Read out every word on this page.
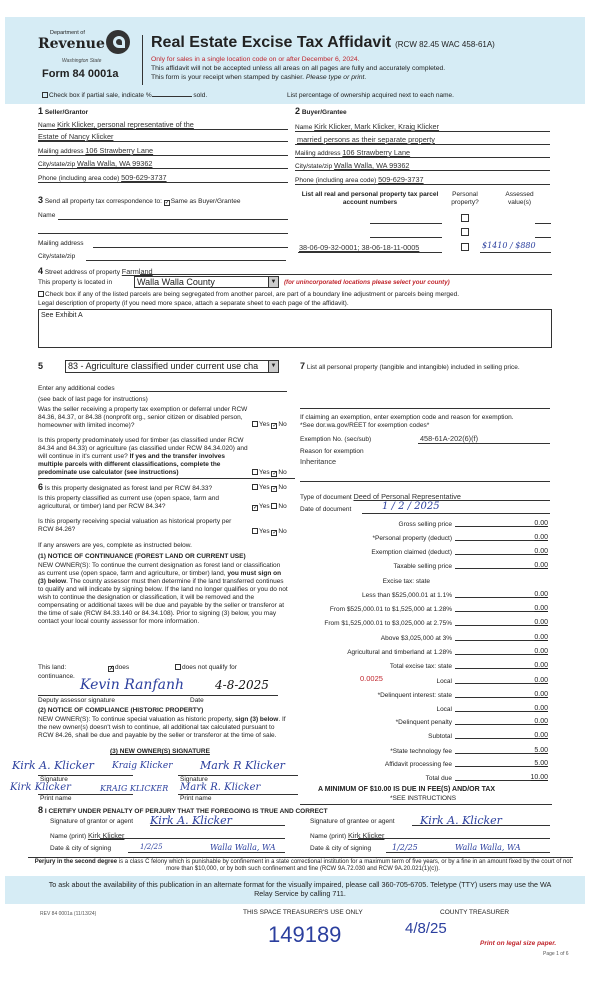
Department of
Revenue
Washington State
Form 84 0001a
Real Estate Excise Tax Affidavit (RCW 82.45 WAC 458-61A)
Only for sales in a single location code on or after December 6, 2024.
This affidavit will not be accepted unless all areas on all pages are fully and accurately completed.
This form is your receipt when stamped by cashier. Please type or print.
Check box if partial sale, indicate %	sold.	List percentage of ownership acquired next to each name.
1 Seller/Grantor
Name Kirk Klicker, personal representative of the
Estate of Nancy Klicker
Mailing address 106 Strawberry Lane
City/state/zip Walla Walla, WA 99362
Phone (including area code) 509-629-3737
2 Buyer/Grantee
Name Kirk Klicker, Mark Klicker, Kraig Klicker
married persons as their separate property
Mailing address 106 Strawberry Lane
City/state/zip Walla Walla, WA 99362
Phone (including area code) 509-629-3737
3 Send all property tax correspondence to: ✓Same as Buyer/Grantee
Name
Mailing address
City/state/zip
List all real and personal property tax parcel account numbers
Personal property?
Assessed value(s)
38-06-09-32-0001; 38-06-18-11-0005	$1410 / $880
4 Street address of property Farmland
This property is located in	Walla Walla County	▼ (for unincorporated locations please select your county)
Check box if any of the listed parcels are being segregated from another parcel, are part of a boundary line adjustment or parcels being merged.
Legal description of property (if you need more space, attach a separate sheet to each page of the affidavit).
See Exhibit A
5	83 - Agriculture classified under current use cha	▼
Enter any additional codes
(see back of last page for instructions)
Was the seller receiving a property tax exemption or deferral under RCW 84.36, 84.37, or 84.38 (nonprofit org., senior citizen or disabled person, homeowner with limited income)?	Yes ✓No
Is this property predominately used for timber (as classified under RCW 84.34 and 84.33) or agriculture (as classified under RCW 84.34.020) and will continue in it's current use? If yes and the transfer involves multiple parcels with different classifications, complete the predominate use calculator (see instructions)	Yes ✓No
6 Is this property designated as forest land per RCW 84.33?	Yes ✓No
Is this property classified as current use (open space, farm and agricultural, or timber) land per RCW 84.34?	✓Yes No
Is this property receiving special valuation as historical property per RCW 84.26?	Yes ✓No
If any answers are yes, complete as instructed below.
(1) NOTICE OF CONTINUANCE (FOREST LAND OR CURRENT USE)
NEW OWNER(S): To continue the current designation as forest land or classification as current use (open space, farm and agriculture, or timber) land, you must sign on (3) below. The county assessor must then determine if the land transferred continues to qualify and will indicate by signing below. If the land no longer qualifies or you do not wish to continue the designation or classification, it will be removed and the compensating or additional taxes will be due and payable by the seller or transferor at the time of sale (RCW 84.33.140 or 84.34.108). Prior to signing (3) below, you may contact your local county assessor for more information.
This land:	✗does	does not qualify for
continuance.
Kevin Ranfanh	4-8-2025
Deputy assessor signature	Date
(2) NOTICE OF COMPLIANCE (HISTORIC PROPERTY)
NEW OWNER(S): To continue special valuation as historic property, sign (3) below. If the new owner(s) doesn't wish to continue, all additional tax calculated pursuant to RCW 84.26, shall be due and payable by the seller or transferor at the time of sale.
(3) NEW OWNER(S) SIGNATURE
Kirk A. Klicker Kraig Klicker	Mark R Klicker
Signature	Signature
Kirk Klicker	KRAIG KLICKER Mark R. Klicker
Print name	Print name
7 List all personal property (tangible and intangible) included in selling price.
If claiming an exemption, enter exemption code and reason for exemption. *See dor.wa.gov/REET for exemption codes*
Exemption No. (sec/sub)	458-61A-202(6)(f)
Reason for exemption
Inheritance
Type of document Deed of Personal Representative
Date of document	1 / 2 / 2025
Gross selling price	0.00
*Personal property (deduct)	0.00
Exemption claimed (deduct)	0.00
Taxable selling price	0.00
Excise tax: state
Less than $525,000.01 at 1.1%	0.00
From $525,000.01 to $1,525,000 at 1.28%	0.00
From $1,525,000.01 to $3,025,000 at 2.75%	0.00
Above $3,025,000 at 3%	0.00
Agricultural and timberland at 1.28%	0.00
Total excise tax: state	0.00
Local	0.00
*Delinquent interest: state	0.00
Local	0.00
*Delinquent penalty	0.00
Subtotal	0.00
*State technology fee	5.00
Affidavit processing fee	5.00
Total due	10.00
0.0025
A MINIMUM OF $10.00 IS DUE IN FEE(S) AND/OR TAX
*SEE INSTRUCTIONS
8 I CERTIFY UNDER PENALTY OF PERJURY THAT THE FOREGOING IS TRUE AND CORRECT
Signature of grantor or agent Kirk A. Klicker
Name (print) Kirk Klicker
Date & city of signing	1/2/25	Walla Walla, WA
Signature of grantee or agent Kirk A. Klicker
Name (print) Kirk Klicker
Date & city of signing	1/2/25	Walla Walla, WA
Perjury in the second degree is a class C felony which is punishable by confinement in a state correctional institution for a maximum term of five years, or by a fine in an amount fixed by the court of not more than $10,000, or by both such confinement and fine (RCW 9A.72.030 and RCW 9A.20.021(1)(c)).
To ask about the availability of this publication in an alternate format for the visually impaired, please call 360-705-6705. Teletype (TTY) users may use the WA Relay Service by calling 711.
REV 84 0001a (11/13/24)	THIS SPACE TREASURER'S USE ONLY	COUNTY TREASURER
149189	4/8/25
Print on legal size paper.
Page 1 of 6
